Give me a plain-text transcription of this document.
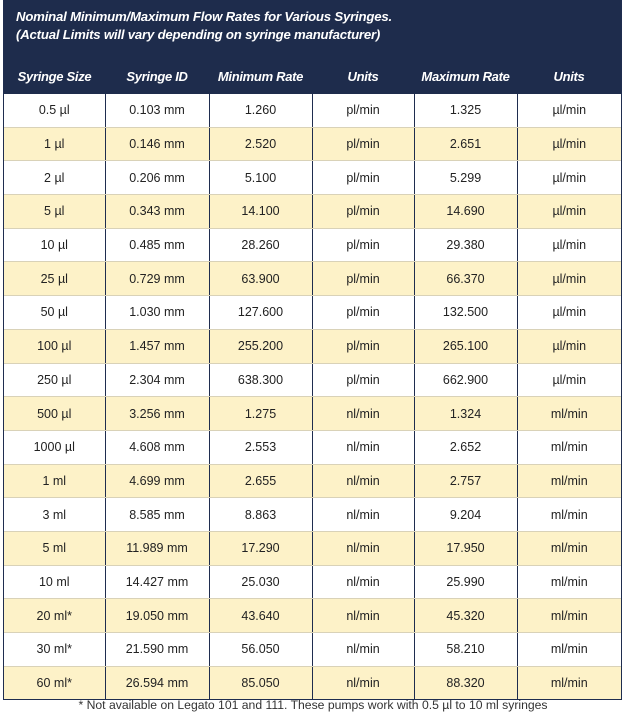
Nominal Minimum/Maximum Flow Rates for Various Syringes.
(Actual Limits will vary depending on syringe manufacturer)
Syringe Size	Syringe ID	Minimum Rate	Units	Maximum Rate	Units
0.5 µl	0.103 mm	1.260	pl/min	1.325	µl/min
1 µl	0.146 mm	2.520	pl/min	2.651	µl/min
2 µl	0.206 mm	5.100	pl/min	5.299	µl/min
5 µl	0.343 mm	14.100	pl/min	14.690	µl/min
10 µl	0.485 mm	28.260	pl/min	29.380	µl/min
25 µl	0.729 mm	63.900	pl/min	66.370	µl/min
50 µl	1.030 mm	127.600	pl/min	132.500	µl/min
100 µl	1.457 mm	255.200	pl/min	265.100	µl/min
250 µl	2.304 mm	638.300	pl/min	662.900	µl/min
500 µl	3.256 mm	1.275	nl/min	1.324	ml/min
1000 µl	4.608 mm	2.553	nl/min	2.652	ml/min
1 ml	4.699 mm	2.655	nl/min	2.757	ml/min
3 ml	8.585 mm	8.863	nl/min	9.204	ml/min
5 ml	11.989 mm	17.290	nl/min	17.950	ml/min
10 ml	14.427 mm	25.030	nl/min	25.990	ml/min
20 ml*	19.050 mm	43.640	nl/min	45.320	ml/min
30 ml*	21.590 mm	56.050	nl/min	58.210	ml/min
60 ml*	26.594 mm	85.050	nl/min	88.320	ml/min
* Not available on Legato 101 and 111. These pumps work with 0.5 µl to 10 ml syringes
